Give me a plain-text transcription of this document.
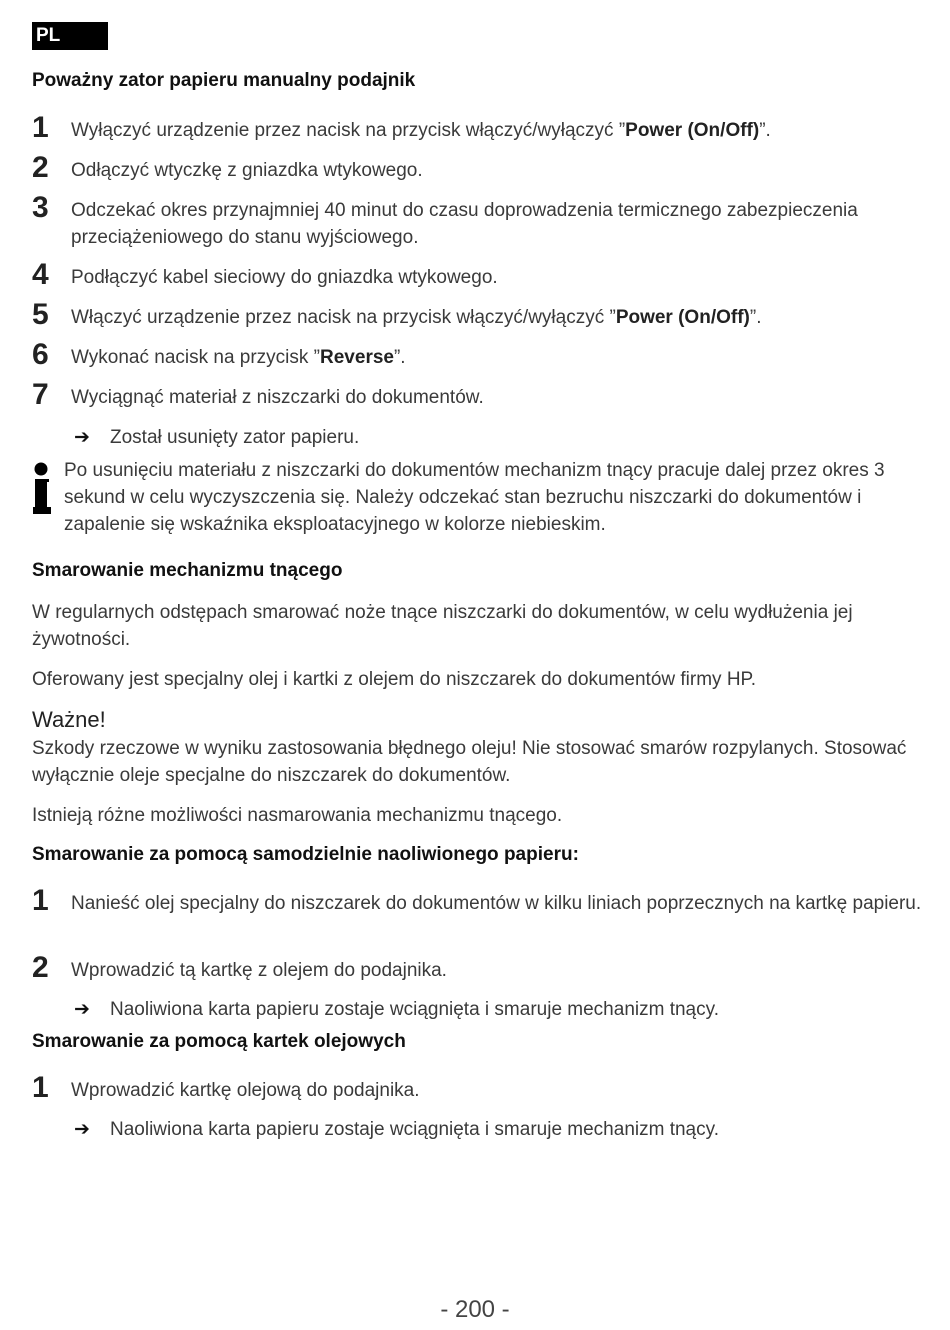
PL
Poważny zator papieru manualny podajnik
1 Wyłączyć urządzenie przez nacisk na przycisk włączyć/wyłączyć ”Power (On/Off)”.
2 Odłączyć wtyczkę z gniazdka wtykowego.
3 Odczekać okres przynajmniej 40 minut do czasu doprowadzenia termicznego zabezpieczenia przeciążeniowego do stanu wyjściowego.
4 Podłączyć kabel sieciowy do gniazdka wtykowego.
5 Włączyć urządzenie przez nacisk na przycisk włączyć/wyłączyć ”Power (On/Off)”.
6 Wykonać nacisk na przycisk ”Reverse”.
7 Wyciągnąć materiał z niszczarki do dokumentów.
➔ Został usunięty zator papieru.
Po usunięciu materiału z niszczarki do dokumentów mechanizm tnący pracuje dalej przez okres 3 sekund w celu wyczyszczenia się. Należy odczekać stan bezruchu niszczarki do dokumentów i zapalenie się wskaźnika eksploatacyjnego w kolorze niebieskim.
Smarowanie mechanizmu tnącego

W regularnych odstępach smarować noże tnące niszczarki do dokumentów, w celu wydłużenia jej żywotności.

Oferowany jest specjalny olej i kartki z olejem do niszczarek do dokumentów firmy HP.

Ważne!

Szkody rzeczowe w wyniku zastosowania błędnego oleju! Nie stosować smarów rozpylanych. Stosować wyłącznie oleje specjalne do niszczarek do dokumentów.

Istnieją różne możliwości nasmarowania mechanizmu tnącego.

Smarowanie za pomocą samodzielnie naoliwionego papieru:
1 Nanieść olej specjalny do niszczarek do dokumentów w kilku liniach poprzecznych na kartkę papieru.
2 Wprowadzić tą kartkę z olejem do podajnika.
➔ Naoliwiona karta papieru zostaje wciągnięta i smaruje mechanizm tnący.
Smarowanie za pomocą kartek olejowych
1 Wprowadzić kartkę olejową do podajnika.
➔ Naoliwiona karta papieru zostaje wciągnięta i smaruje mechanizm tnący.
- 200 -
